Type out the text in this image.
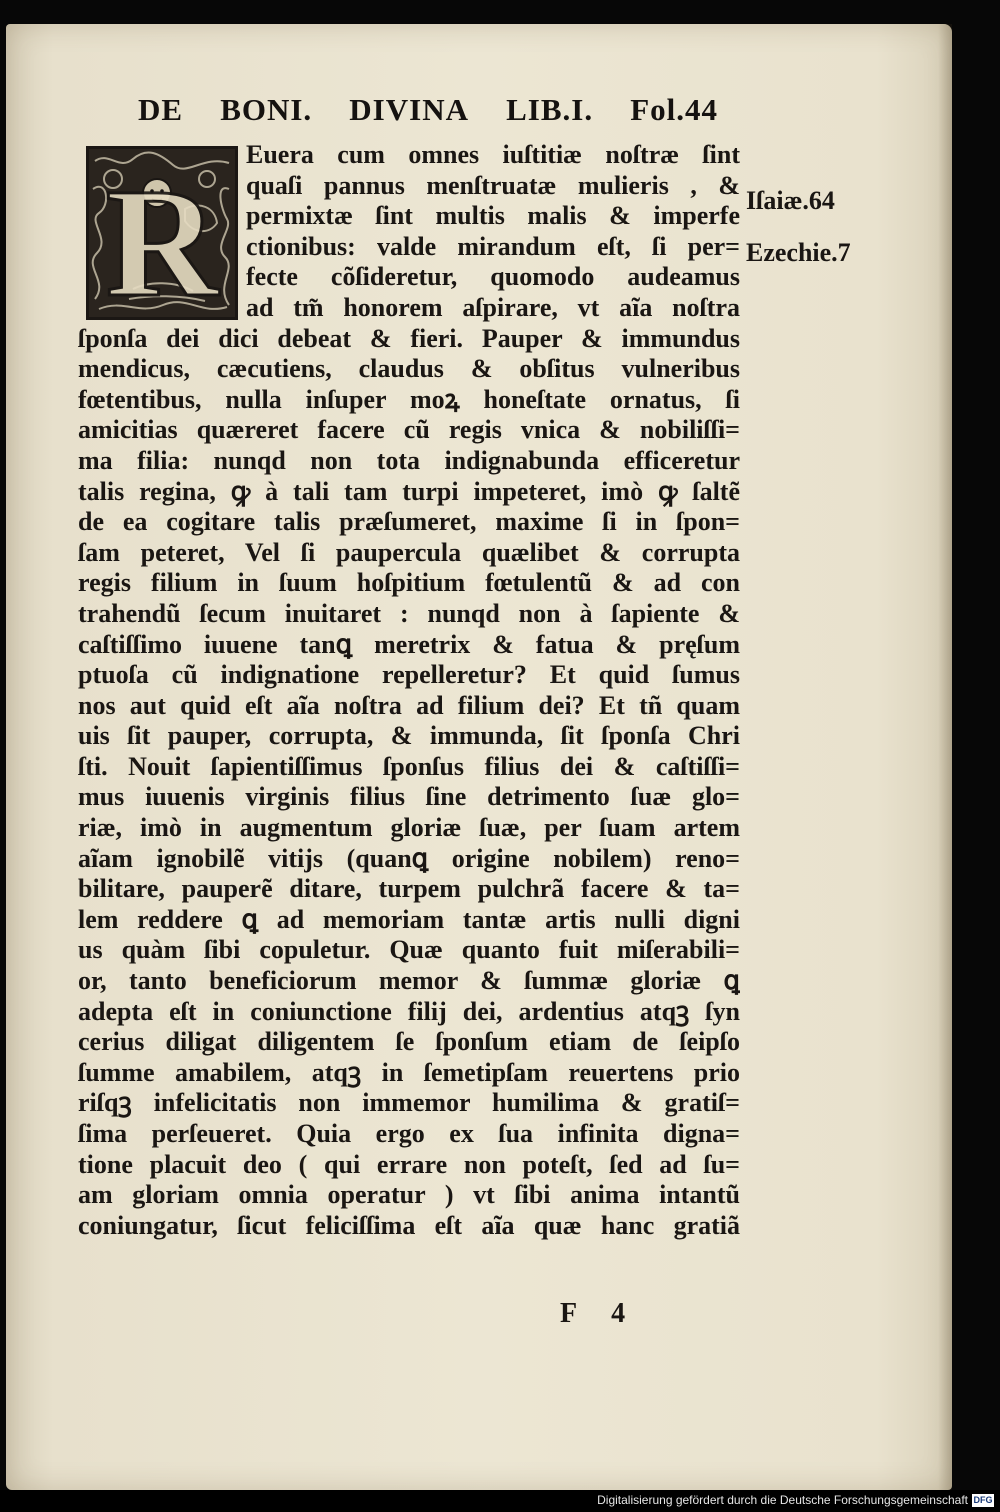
DE BONI. DIVINA LIB.I. Fol.44
R
Euera cum omnes iuſtitiæ noſtræ ſint
quaſi pannus menſtruatæ mulieris , &
permixtæ ſint multis malis & imperfe
ctionibus: valde mirandum eſt, ſi per=
fecte cõſideretur, quomodo audeamus
ad tm̃ honorem aſpirare, vt aĩa noſtra
ſponſa dei dici debeat & fieri. Pauper & immundus
mendicus, cæcutiens, claudus & obſitus vulneribus
fœtentibus, nulla inſuper moꝝ honeſtate ornatus, ſi
amicitias quæreret facere cũ regis vnica & nobiliſſi=
ma filia: nunqd non tota indignabunda efficeretur
talis regina, ꝙ à tali tam turpi impeteret, imò ꝙ ſaltẽ
de ea cogitare talis præſumeret, maxime ſi in ſpon=
ſam peteret, Vel ſi paupercula quælibet & corrupta
regis filium in ſuum hoſpitium fœtulentũ & ad con
trahendũ ſecum inuitaret : nunqd non à ſapiente &
caſtiſſimo iuuene tanꝗ meretrix & fatua & pręſum
ptuoſa cũ indignatione repelleretur? Et quid ſumus
nos aut quid eſt aĩa noſtra ad filium dei? Et tñ quam
uis ſit pauper, corrupta, & immunda, ſit ſponſa Chri
ſti. Nouit ſapientiſſimus ſponſus filius dei & caſtiſſi=
mus iuuenis virginis filius ſine detrimento ſuæ glo=
riæ, imò in augmentum gloriæ ſuæ, per ſuam artem
aĩam ignobilẽ vitijs (quanꝗ origine nobilem) reno=
bilitare, pauperẽ ditare, turpem pulchrã facere & ta=
lem reddere ꝗ ad memoriam tantæ artis nulli digni
us quàm ſibi copuletur. Quæ quanto fuit miſerabili=
or, tanto beneficiorum memor & ſummæ gloriæ ꝗ
adepta eſt in coniunctione filij dei, ardentius atqꝫ ſyn
cerius diligat diligentem ſe ſponſum etiam de ſeipſo
ſumme amabilem, atqꝫ in ſemetipſam reuertens prio
riſqꝫ infelicitatis non immemor humilima & gratiſ=
ſima perſeueret. Quia ergo ex ſua infinita digna=
tione placuit deo ( qui errare non poteſt, ſed ad ſu=
am gloriam omnia operatur ) vt ſibi anima intantũ
coniungatur, ſicut feliciſſima eſt aĩa quæ hanc gratiã
Iſaiæ.64
Ezechie.7
F 4
Digitalisierung gefördert durch die Deutsche Forschungsgemeinschaft DFG
